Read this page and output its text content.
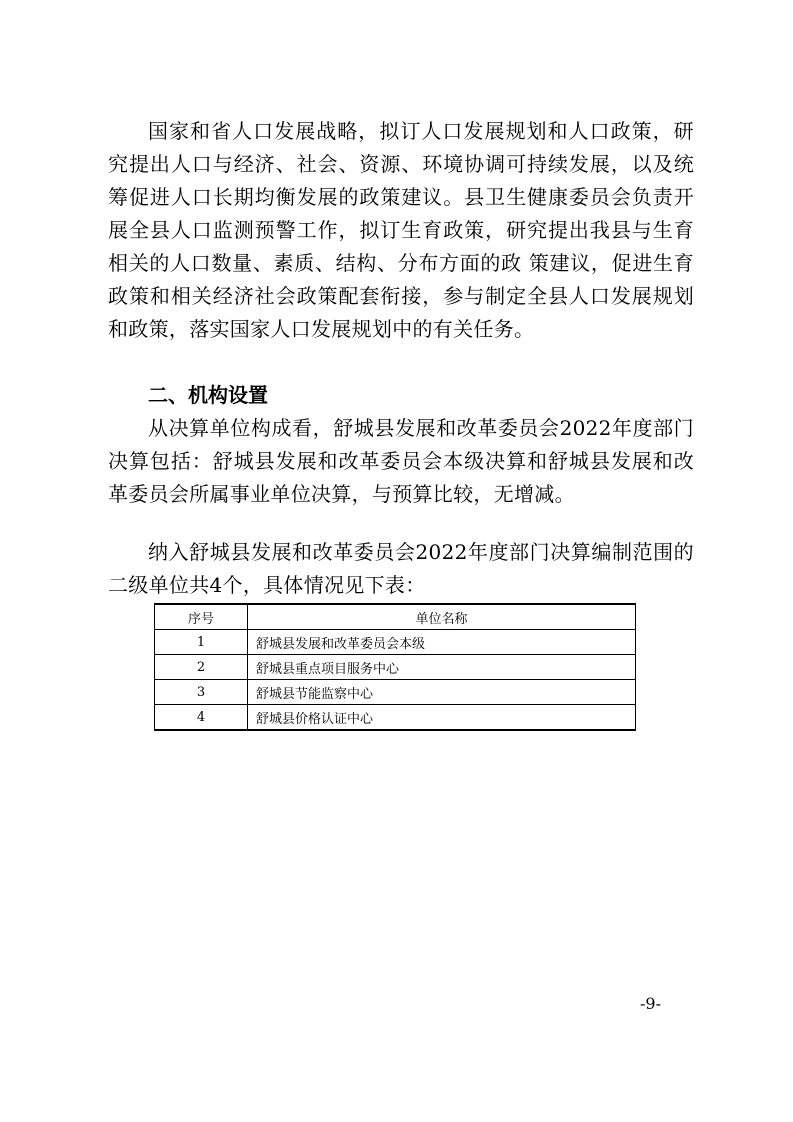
国家和省人口发展战略，拟订人口发展规划和人口政策，研究提出人口与经济、社会、资源、环境协调可持续发展，以及统筹促进人口长期均衡发展的政策建议。县卫生健康委员会负责开展全县人口监测预警工作，拟订生育政策，研究提出我县与生育相关的人口数量、素质、结构、分布方面的政 策建议，促进生育政策和相关经济社会政策配套衔接，参与制定全县人口发展规划和政策，落实国家人口发展规划中的有关任务。

二、机构设置

从决算单位构成看，舒城县发展和改革委员会2022年度部门决算包括：舒城县发展和改革委员会本级决算和舒城县发展和改革委员会所属事业单位决算，与预算比较，无增减。

纳入舒城县发展和改革委员会2022年度部门决算编制范围的二级单位共4个，具体情况见下表：

序号	单位名称
1	舒城县发展和改革委员会本级
2	舒城县重点项目服务中心
3	舒城县节能监察中心
4	舒城县价格认证中心

-9-
